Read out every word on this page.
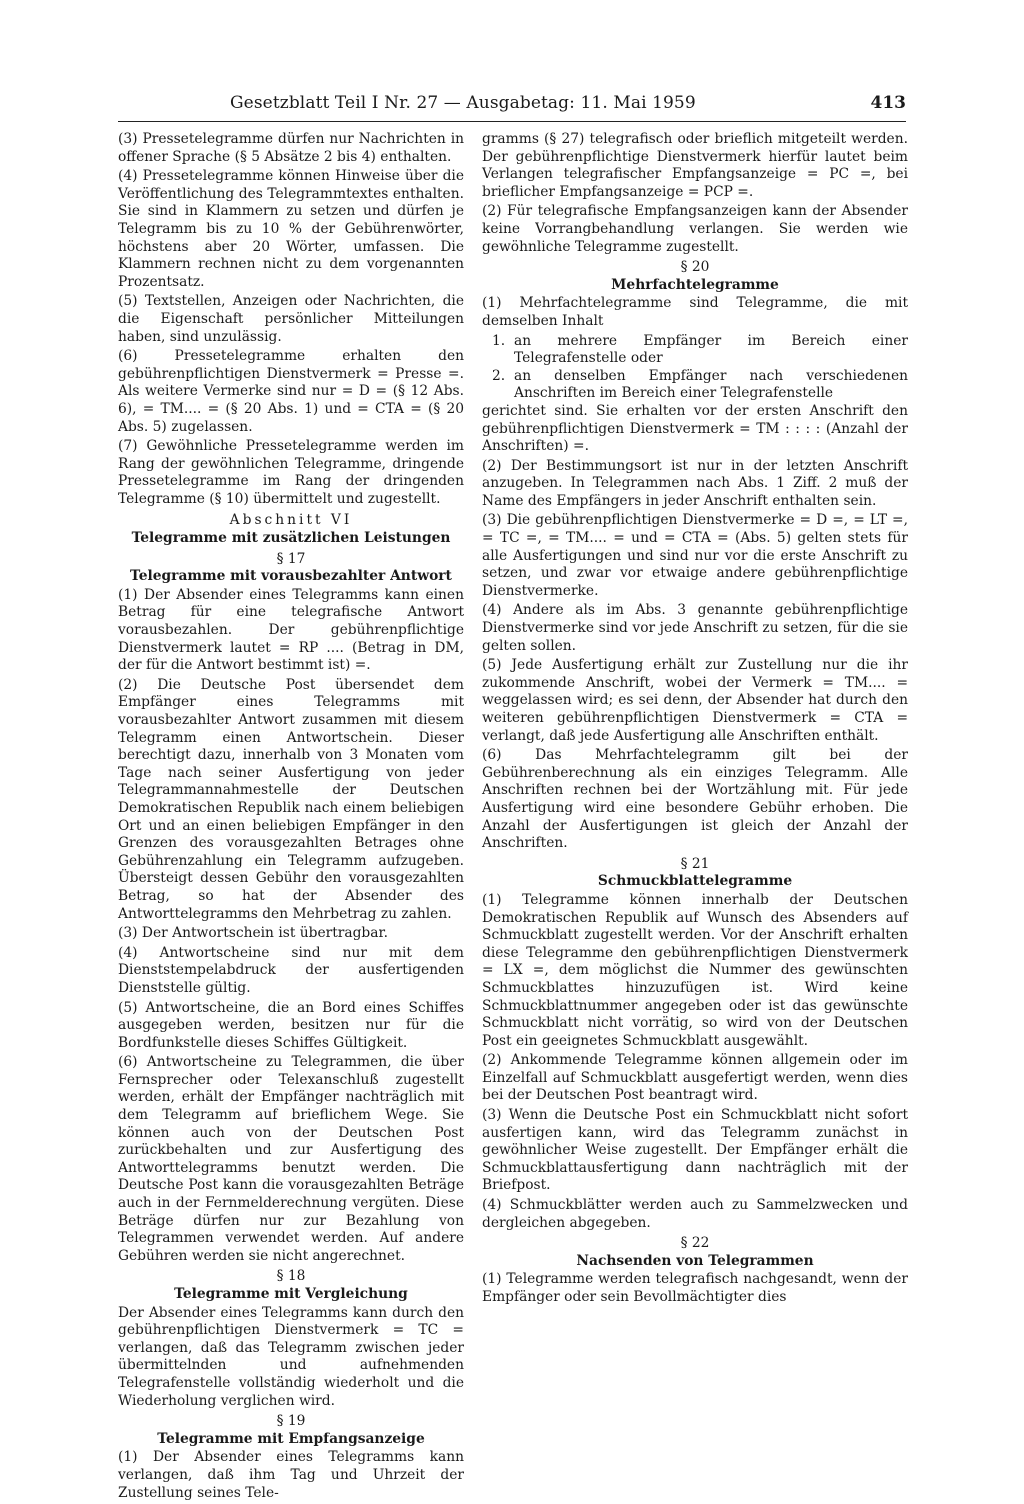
Gesetzblatt Teil I Nr. 27 — Ausgabetag: 11. Mai 1959	413

(3) Pressetelegramme dürfen nur Nachrichten in offener Sprache (§ 5 Absätze 2 bis 4) enthalten.

(4) Pressetelegramme können Hinweise über die Veröffentlichung des Telegrammtextes enthalten. Sie sind in Klammern zu setzen und dürfen je Telegramm bis zu 10 % der Gebührenwörter, höchstens aber 20 Wörter, umfassen. Die Klammern rechnen nicht zu dem vorgenannten Prozentsatz.

(5) Textstellen, Anzeigen oder Nachrichten, die die Eigenschaft persönlicher Mitteilungen haben, sind unzulässig.

(6) Pressetelegramme erhalten den gebührenpflichtigen Dienstvermerk = Presse =. Als weitere Vermerke sind nur = D = (§ 12 Abs. 6), = TM.... = (§ 20 Abs. 1) und = CTA = (§ 20 Abs. 5) zugelassen.

(7) Gewöhnliche Pressetelegramme werden im Rang der gewöhnlichen Telegramme, dringende Pressetelegramme im Rang der dringenden Telegramme (§ 10) übermittelt und zugestellt.

Abschnitt VI
Telegramme mit zusätzlichen Leistungen
§ 17
Telegramme mit vorausbezahlter Antwort

(1) Der Absender eines Telegramms kann einen Betrag für eine telegrafische Antwort vorausbezahlen. Der gebührenpflichtige Dienstvermerk lautet = RP .... (Betrag in DM, der für die Antwort bestimmt ist) =.

(2) Die Deutsche Post übersendet dem Empfänger eines Telegramms mit vorausbezahlter Antwort zusammen mit diesem Telegramm einen Antwortschein. Dieser berechtigt dazu, innerhalb von 3 Monaten vom Tage nach seiner Ausfertigung von jeder Telegrammannahmestelle der Deutschen Demokratischen Republik nach einem beliebigen Ort und an einen beliebigen Empfänger in den Grenzen des vorausgezahlten Betrages ohne Gebührenzahlung ein Telegramm aufzugeben. Übersteigt dessen Gebühr den vorausgezahlten Betrag, so hat der Absender des Antworttelegramms den Mehrbetrag zu zahlen.

(3) Der Antwortschein ist übertragbar.

(4) Antwortscheine sind nur mit dem Dienststempelabdruck der ausfertigenden Dienststelle gültig.

(5) Antwortscheine, die an Bord eines Schiffes ausgegeben werden, besitzen nur für die Bordfunkstelle dieses Schiffes Gültigkeit.

(6) Antwortscheine zu Telegrammen, die über Fernsprecher oder Telexanschluß zugestellt werden, erhält der Empfänger nachträglich mit dem Telegramm auf brieflichem Wege. Sie können auch von der Deutschen Post zurückbehalten und zur Ausfertigung des Antworttelegramms benutzt werden. Die Deutsche Post kann die vorausgezahlten Beträge auch in der Fernmelderechnung vergüten. Diese Beträge dürfen nur zur Bezahlung von Telegrammen verwendet werden. Auf andere Gebühren werden sie nicht angerechnet.

§ 18
Telegramme mit Vergleichung

Der Absender eines Telegramms kann durch den gebührenpflichtigen Dienstvermerk = TC = verlangen, daß das Telegramm zwischen jeder übermittelnden und aufnehmenden Telegrafenstelle vollständig wiederholt und die Wiederholung verglichen wird.

§ 19
Telegramme mit Empfangsanzeige

(1) Der Absender eines Telegramms kann verlangen, daß ihm Tag und Uhrzeit der Zustellung seines Tele-

gramms (§ 27) telegrafisch oder brieflich mitgeteilt werden. Der gebührenpflichtige Dienstvermerk hierfür lautet beim Verlangen telegrafischer Empfangsanzeige = PC =, bei brieflicher Empfangsanzeige = PCP =.

(2) Für telegrafische Empfangsanzeigen kann der Absender keine Vorrangbehandlung verlangen. Sie werden wie gewöhnliche Telegramme zugestellt.

§ 20
Mehrfachtelegramme

(1) Mehrfachtelegramme sind Telegramme, die mit demselben Inhalt

1. an mehrere Empfänger im Bereich einer Telegrafenstelle oder
2. an denselben Empfänger nach verschiedenen Anschriften im Bereich einer Telegrafenstelle

gerichtet sind. Sie erhalten vor der ersten Anschrift den gebührenpflichtigen Dienstvermerk = TM : : : : (Anzahl der Anschriften) =.

(2) Der Bestimmungsort ist nur in der letzten Anschrift anzugeben. In Telegrammen nach Abs. 1 Ziff. 2 muß der Name des Empfängers in jeder Anschrift enthalten sein.

(3) Die gebührenpflichtigen Dienstvermerke = D =, = LT =, = TC =, = TM.... = und = CTA = (Abs. 5) gelten stets für alle Ausfertigungen und sind nur vor die erste Anschrift zu setzen, und zwar vor etwaige andere gebührenpflichtige Dienstvermerke.

(4) Andere als im Abs. 3 genannte gebührenpflichtige Dienstvermerke sind vor jede Anschrift zu setzen, für die sie gelten sollen.

(5) Jede Ausfertigung erhält zur Zustellung nur die ihr zukommende Anschrift, wobei der Vermerk = TM.... = weggelassen wird; es sei denn, der Absender hat durch den weiteren gebührenpflichtigen Dienstvermerk = CTA = verlangt, daß jede Ausfertigung alle Anschriften enthält.

(6) Das Mehrfachtelegramm gilt bei der Gebührenberechnung als ein einziges Telegramm. Alle Anschriften rechnen bei der Wortzählung mit. Für jede Ausfertigung wird eine besondere Gebühr erhoben. Die Anzahl der Ausfertigungen ist gleich der Anzahl der Anschriften.

§ 21
Schmuckblattelegramme

(1) Telegramme können innerhalb der Deutschen Demokratischen Republik auf Wunsch des Absenders auf Schmuckblatt zugestellt werden. Vor der Anschrift erhalten diese Telegramme den gebührenpflichtigen Dienstvermerk = LX =, dem möglichst die Nummer des gewünschten Schmuckblattes hinzuzufügen ist. Wird keine Schmuckblattnummer angegeben oder ist das gewünschte Schmuckblatt nicht vorrätig, so wird von der Deutschen Post ein geeignetes Schmuckblatt ausgewählt.

(2) Ankommende Telegramme können allgemein oder im Einzelfall auf Schmuckblatt ausgefertigt werden, wenn dies bei der Deutschen Post beantragt wird.

(3) Wenn die Deutsche Post ein Schmuckblatt nicht sofort ausfertigen kann, wird das Telegramm zunächst in gewöhnlicher Weise zugestellt. Der Empfänger erhält die Schmuckblattausfertigung dann nachträglich mit der Briefpost.

(4) Schmuckblätter werden auch zu Sammelzwecken und dergleichen abgegeben.

§ 22
Nachsenden von Telegrammen

(1) Telegramme werden telegrafisch nachgesandt, wenn der Empfänger oder sein Bevollmächtigter dies
